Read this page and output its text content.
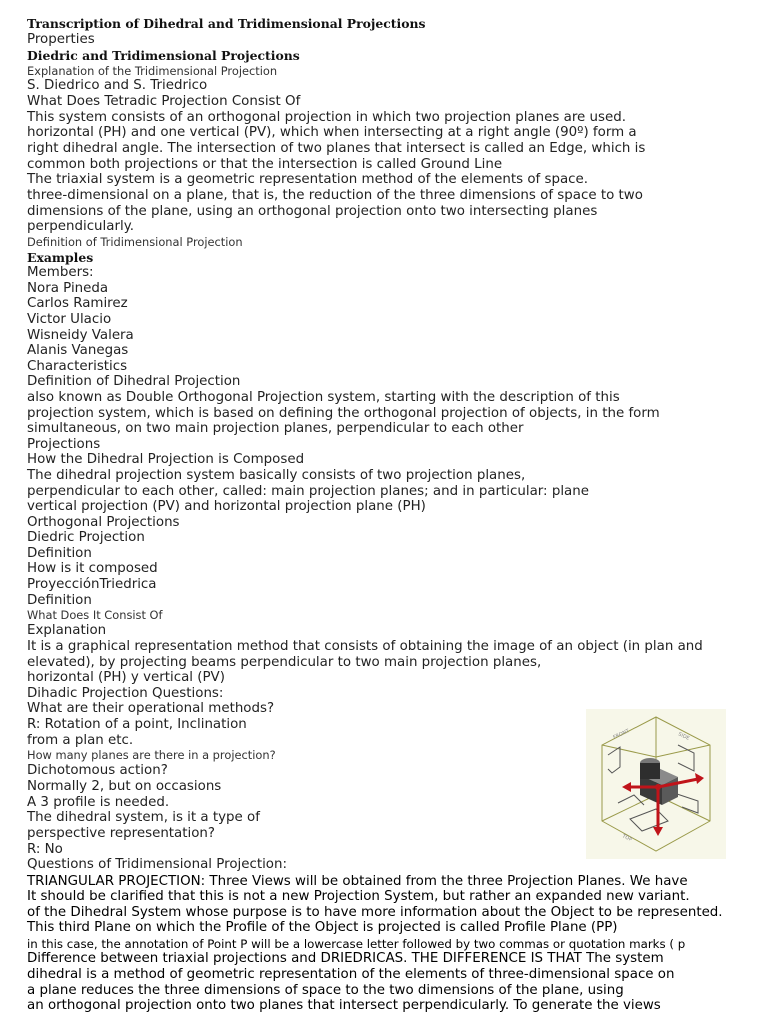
Transcription of Dihedral and Tridimensional Projections

Properties

Diedric and Tridimensional Projections

Explanation of the Tridimensional Projection

S. Diedrico and S. Triedrico

What Does Tetradic Projection Consist Of

This system consists of an orthogonal projection in which two projection planes are used.

horizontal (PH) and one vertical (PV), which when intersecting at a right angle (90º) form a

right dihedral angle. The intersection of two planes that intersect is called an Edge, which is

common both projections or that the intersection is called Ground Line

The triaxial system is a geometric representation method of the elements of space.

three-dimensional on a plane, that is, the reduction of the three dimensions of space to two

dimensions of the plane, using an orthogonal projection onto two intersecting planes

perpendicularly.

Definition of Tridimensional Projection

Examples

Members:

Nora Pineda

Carlos Ramirez

Victor Ulacio

Wisneidy Valera

Alanis Vanegas

Characteristics

Definition of Dihedral Projection

also known as Double Orthogonal Projection system, starting with the description of this

projection system, which is based on defining the orthogonal projection of objects, in the form

simultaneous, on two main projection planes, perpendicular to each other

Projections

How the Dihedral Projection is Composed

The dihedral projection system basically consists of two projection planes,

perpendicular to each other, called: main projection planes; and in particular: plane

vertical projection (PV) and horizontal projection plane (PH)

Orthogonal Projections

Diedric Projection

Definition

How is it composed

ProyecciónTriedrica

Definition

What Does It Consist Of

Explanation

It is a graphical representation method that consists of obtaining the image of an object (in plan and

elevated), by projecting beams perpendicular to two main projection planes,

horizontal (PH) y vertical (PV)

Dihadic Projection Questions:

What are their operational methods?

R: Rotation of a point, Inclination

from a plan etc.

How many planes are there in a projection?

Dichotomous action?

Normally 2, but on occasions

A 3 profile is needed.

The dihedral system, is it a type of

perspective representation?

R: No

Questions of Tridimensional Projection:

TRIANGULAR PROJECTION: Three Views will be obtained from the three Projection Planes. We have

It should be clarified that this is not a new Projection System, but rather an expanded new variant.

of the Dihedral System whose purpose is to have more information about the Object to be represented.

This third Plane on which the Profile of the Object is projected is called Profile Plane (PP)

in this case, the annotation of Point P will be a lowercase letter followed by two commas or quotation marks ( p

Difference between triaxial projections and DRIEDRICAS. THE DIFFERENCE IS THAT The system

dihedral is a method of geometric representation of the elements of three-dimensional space on

a plane reduces the three dimensions of space to the two dimensions of the plane, using

an orthogonal projection onto two planes that intersect perpendicularly. To generate the views

FRONT	SIDE
TOP
